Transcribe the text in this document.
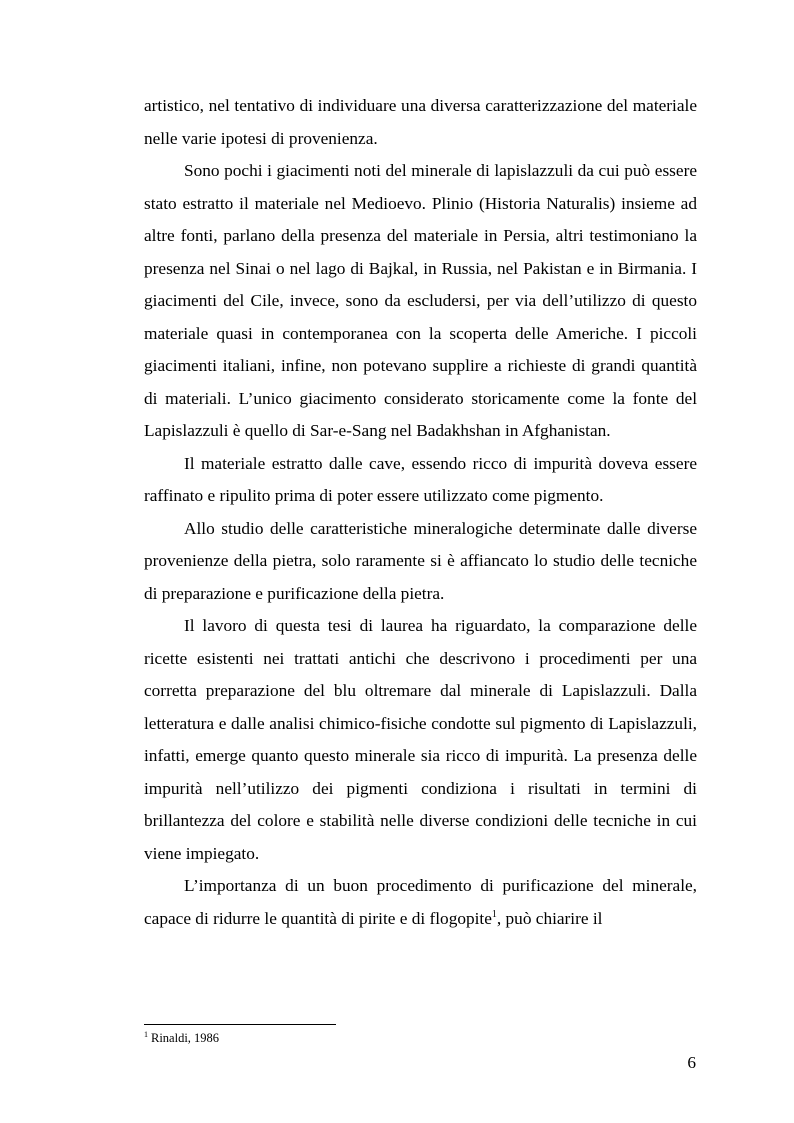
artistico, nel tentativo di individuare una diversa caratterizzazione del materiale nelle varie ipotesi di provenienza.

Sono pochi i giacimenti noti del minerale di lapislazzuli da cui può essere stato estratto il materiale nel Medioevo. Plinio (Historia Naturalis) insieme ad altre fonti, parlano della presenza del materiale in Persia, altri testimoniano la presenza nel Sinai o nel lago di Bajkal, in Russia, nel Pakistan e in Birmania. I giacimenti del Cile, invece, sono da escludersi, per via dell’utilizzo di questo materiale quasi in contemporanea con la scoperta delle Americhe. I piccoli giacimenti italiani, infine, non potevano supplire a richieste di grandi quantità di materiali. L’unico giacimento considerato storicamente come la fonte del Lapislazzuli è quello di Sar-e-Sang nel Badakhshan in Afghanistan.

Il materiale estratto dalle cave, essendo ricco di impurità doveva essere raffinato e ripulito prima di poter essere utilizzato come pigmento.

Allo studio delle caratteristiche mineralogiche determinate dalle diverse provenienze della pietra, solo raramente si è affiancato lo studio delle tecniche di preparazione e purificazione della pietra.

Il lavoro di questa tesi di laurea ha riguardato, la comparazione delle ricette esistenti nei trattati antichi che descrivono i procedimenti per una corretta preparazione del blu oltremare dal minerale di Lapislazzuli. Dalla letteratura e dalle analisi chimico-fisiche condotte sul pigmento di Lapislazzuli, infatti, emerge quanto questo minerale sia ricco di impurità. La presenza delle impurità nell’utilizzo dei pigmenti condiziona i risultati in termini di brillantezza del colore e stabilità nelle diverse condizioni delle tecniche in cui viene impiegato.

L’importanza di un buon procedimento di purificazione del minerale, capace di ridurre le quantità di pirite e di flogopite$^1$, può chiarire il

$^1$ Rinaldi, 1986
6
